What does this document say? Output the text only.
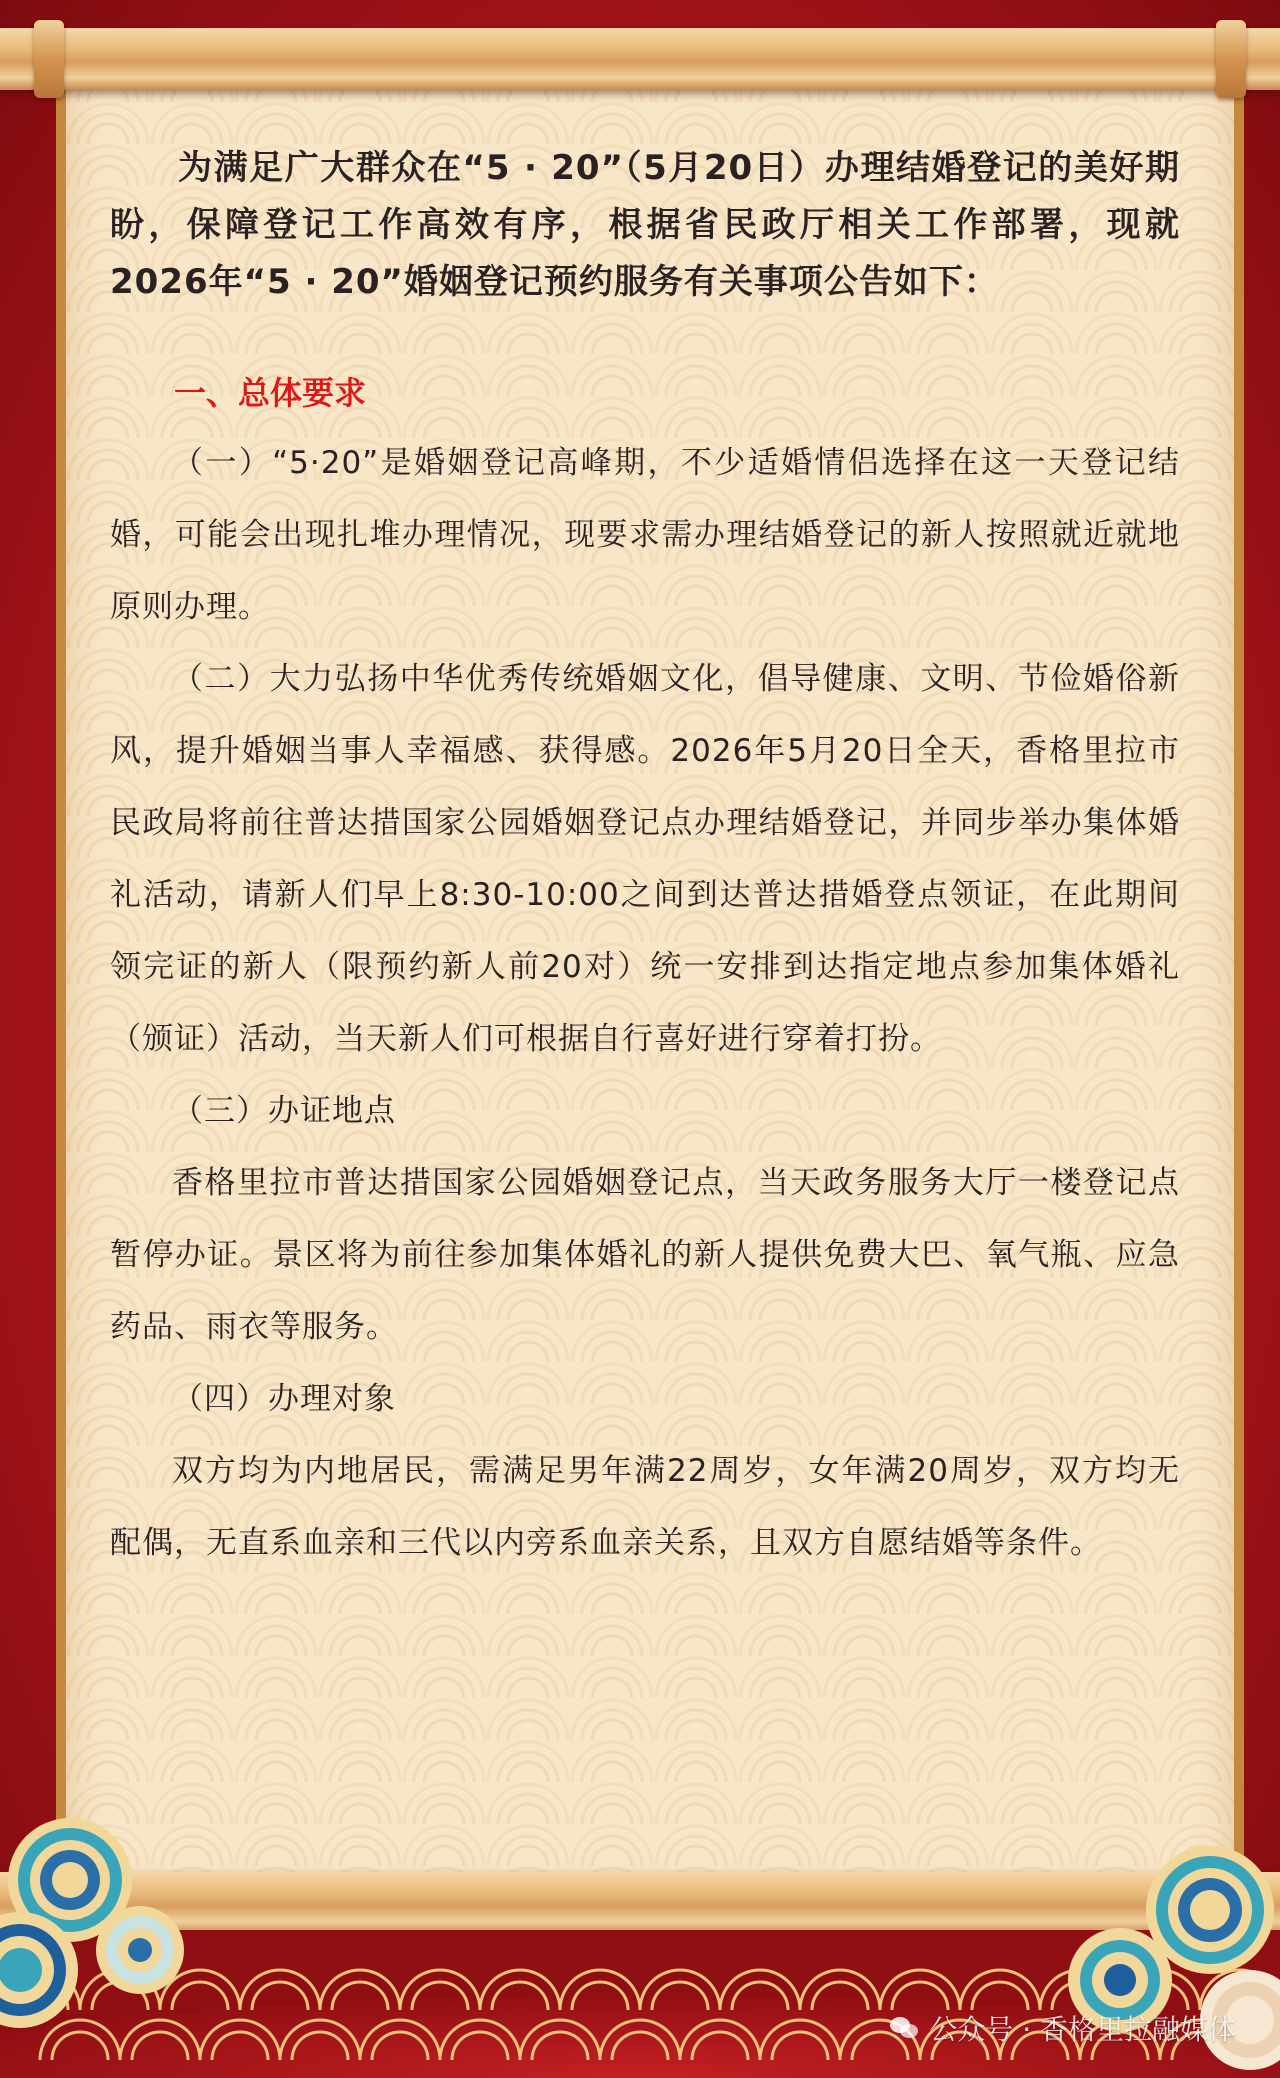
为满足广大群众在“5 · 20”（5月20日）办理结婚登记的美好期盼，保障登记工作高效有序，根据省民政厅相关工作部署，现就2026年“5 · 20”婚姻登记预约服务有关事项公告如下：

一、总体要求

（一）“5·20”是婚姻登记高峰期，不少适婚情侣选择在这一天登记结婚，可能会出现扎堆办理情况，现要求需办理结婚登记的新人按照就近就地原则办理。

（二）大力弘扬中华优秀传统婚姻文化，倡导健康、文明、节俭婚俗新风，提升婚姻当事人幸福感、获得感。2026年5月20日全天，香格里拉市民政局将前往普达措国家公园婚姻登记点办理结婚登记，并同步举办集体婚礼活动，请新人们早上8:30-10:00之间到达普达措婚登点领证，在此期间领完证的新人（限预约新人前20对）统一安排到达指定地点参加集体婚礼（颁证）活动，当天新人们可根据自行喜好进行穿着打扮。

（三）办证地点

香格里拉市普达措国家公园婚姻登记点，当天政务服务大厅一楼登记点暂停办证。景区将为前往参加集体婚礼的新人提供免费大巴、氧气瓶、应急药品、雨衣等服务。

（四）办理对象

双方均为内地居民，需满足男年满22周岁，女年满20周岁，双方均无配偶，无直系血亲和三代以内旁系血亲关系，且双方自愿结婚等条件。

公众号 · 香格里拉融媒体
